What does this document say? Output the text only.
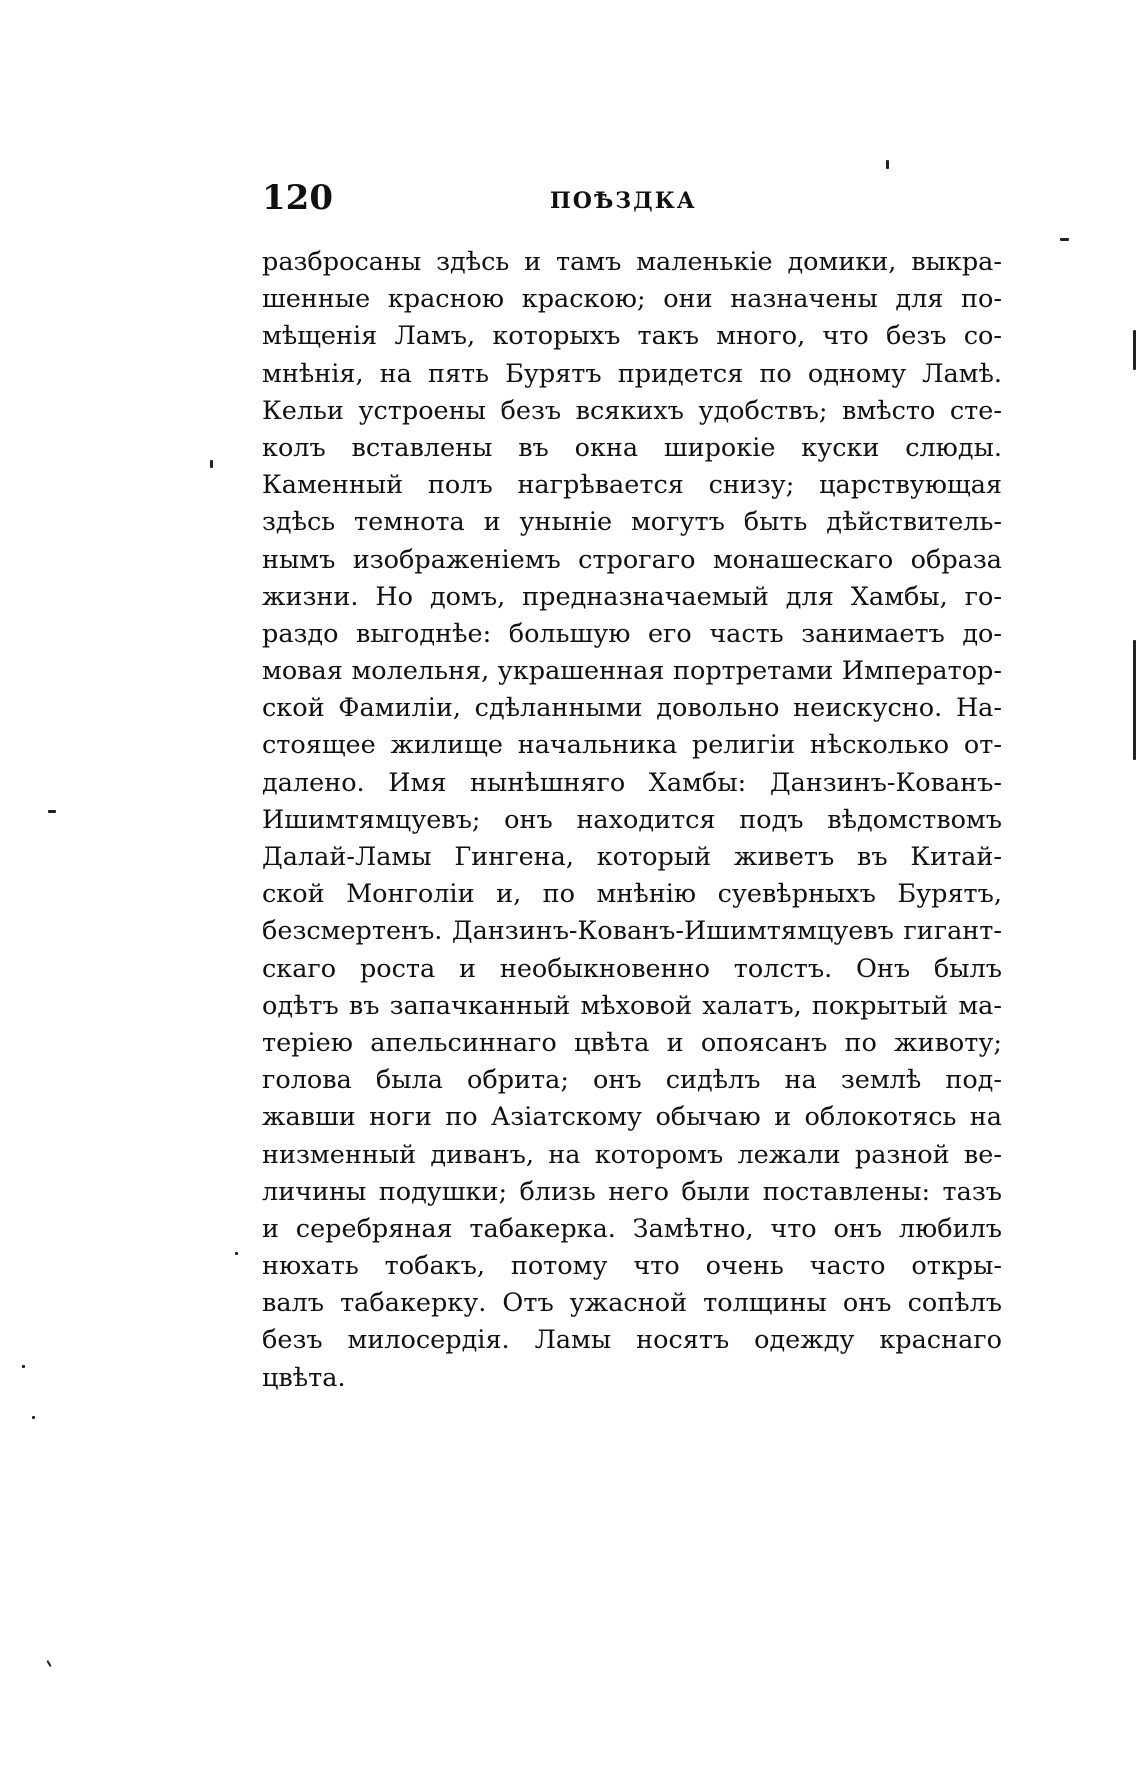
120	ПОѢЗДКА
разбросаны здѣсь и тамъ маленькіе домики, выкра-
шенные красною краскою; они назначены для по-
мѣщенія Ламъ, которыхъ такъ много, что безъ со-
мнѣнія, на пять Бурятъ придется по одному Ламѣ.
Кельи устроены безъ всякихъ удобствъ; вмѣсто сте-
колъ вставлены въ окна широкіе куски слюды.
Каменный полъ нагрѣвается снизу; царствующая
здѣсь темнота и уныніе могутъ быть дѣйствитель-
нымъ изображеніемъ строгаго монашескаго образа
жизни. Но домъ, предназначаемый для Хамбы, го-
раздо выгоднѣе: большую его часть занимаетъ до-
мовая молельня, украшенная портретами Император-
ской Фамиліи, сдѣланными довольно неискусно. На-
стоящее жилище начальника религіи нѣсколько от-
далено. Имя нынѣшняго Хамбы: Данзинъ-Кованъ-
Ишимтямцуевъ; онъ находится подъ вѣдомствомъ
Далай-Ламы Гингена, который живетъ въ Китай-
ской Монголіи и, по мнѣнію суевѣрныхъ Бурятъ,
безсмертенъ. Данзинъ-Кованъ-Ишимтямцуевъ гигант-
скаго роста и необыкновенно толстъ. Онъ былъ
одѣтъ въ запачканный мѣховой халатъ, покрытый ма-
теріею апельсиннаго цвѣта и опоясанъ по животу;
голова была обрита; онъ сидѣлъ на землѣ под-
жавши ноги по Азіатскому обычаю и облокотясь на
низменный диванъ, на которомъ лежали разной ве-
личины подушки; близь него были поставлены: тазъ
и серебряная табакерка. Замѣтно, что онъ любилъ
нюхать тобакъ, потому что очень часто откры-
валъ табакерку. Отъ ужасной толщины онъ сопѣлъ
безъ милосердія. Ламы носятъ одежду краснаго
цвѣта.
